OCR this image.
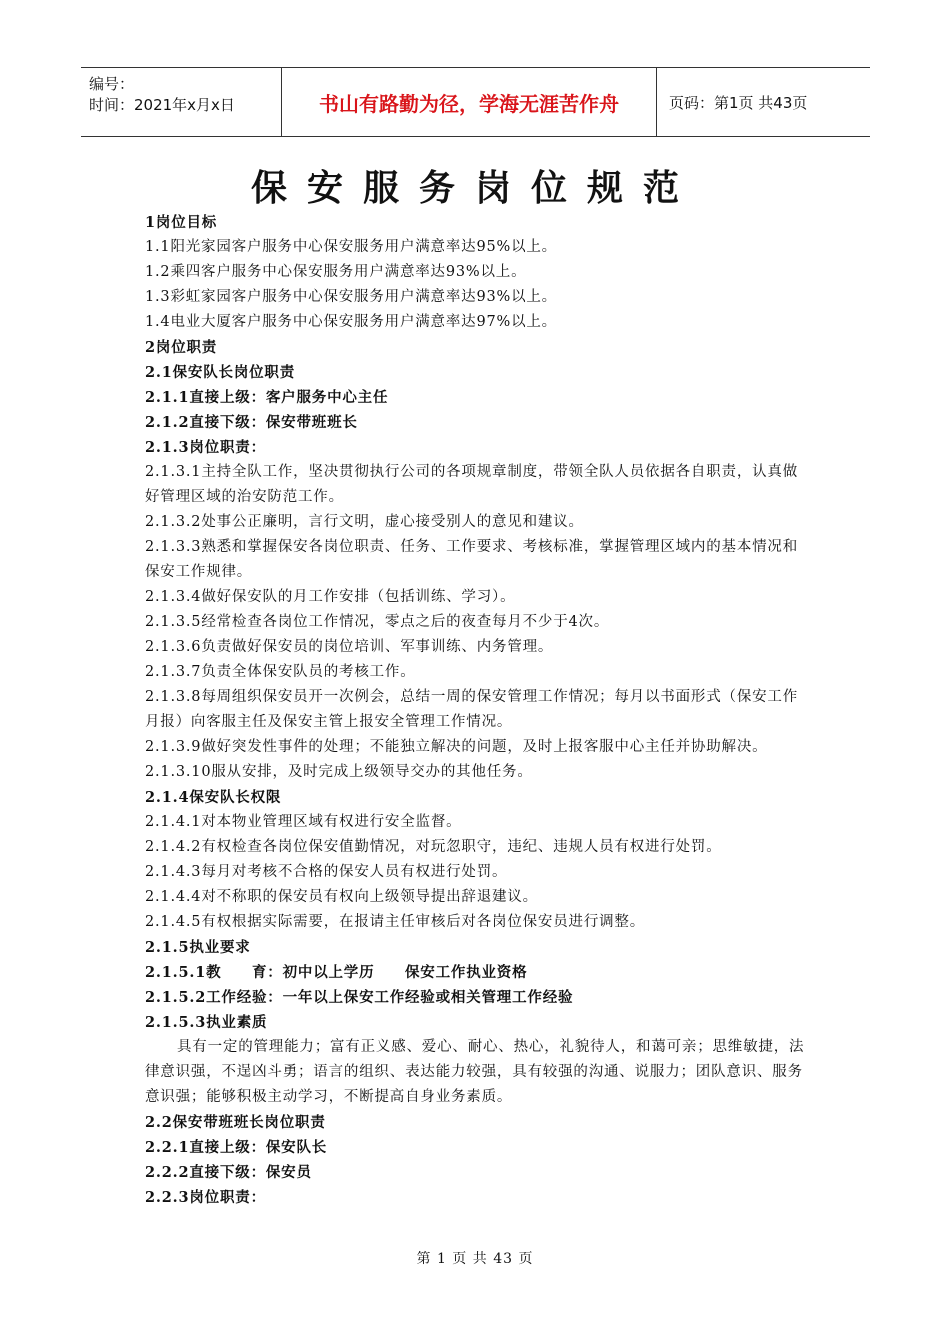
编号：
时间：2021年x月x日	书山有路勤为径，学海无涯苦作舟	页码：第1页 共43页
保安服务岗位规范

1岗位目标

1.1阳光家园客户服务中心保安服务用户满意率达95%以上。

1.2乘四客户服务中心保安服务用户满意率达93%以上。

1.3彩虹家园客户服务中心保安服务用户满意率达93%以上。

1.4电业大厦客户服务中心保安服务用户满意率达97%以上。

2岗位职责

2.1保安队长岗位职责

2.1.1直接上级：客户服务中心主任

2.1.2直接下级：保安带班班长

2.1.3岗位职责：

2.1.3.1主持全队工作，坚决贯彻执行公司的各项规章制度，带领全队人员依据各自职责，认真做好管理区域的治安防范工作。

2.1.3.2处事公正廉明，言行文明，虚心接受别人的意见和建议。

2.1.3.3熟悉和掌握保安各岗位职责、任务、工作要求、考核标准，掌握管理区域内的基本情况和保安工作规律。

2.1.3.4做好保安队的月工作安排（包括训练、学习）。

2.1.3.5经常检查各岗位工作情况，零点之后的夜查每月不少于4次。

2.1.3.6负责做好保安员的岗位培训、军事训练、内务管理。

2.1.3.7负责全体保安队员的考核工作。

2.1.3.8每周组织保安员开一次例会，总结一周的保安管理工作情况；每月以书面形式（保安工作月报）向客服主任及保安主管上报安全管理工作情况。

2.1.3.9做好突发性事件的处理；不能独立解决的问题，及时上报客服中心主任并协助解决。

2.1.3.10服从安排，及时完成上级领导交办的其他任务。

2.1.4保安队长权限

2.1.4.1对本物业管理区域有权进行安全监督。

2.1.4.2有权检查各岗位保安值勤情况，对玩忽职守，违纪、违规人员有权进行处罚。

2.1.4.3每月对考核不合格的保安人员有权进行处罚。

2.1.4.4对不称职的保安员有权向上级领导提出辞退建议。

2.1.4.5有权根据实际需要，在报请主任审核后对各岗位保安员进行调整。

2.1.5执业要求

2.1.5.1教　　育：初中以上学历　　保安工作执业资格

2.1.5.2工作经验：一年以上保安工作经验或相关管理工作经验

2.1.5.3执业素质

具有一定的管理能力；富有正义感、爱心、耐心、热心，礼貌待人，和蔼可亲；思维敏捷，法律意识强，不逞凶斗勇；语言的组织、表达能力较强，具有较强的沟通、说服力；团队意识、服务意识强；能够积极主动学习，不断提高自身业务素质。

2.2保安带班班长岗位职责

2.2.1直接上级：保安队长

2.2.2直接下级：保安员

2.2.3岗位职责：

第 1 页 共 43 页
